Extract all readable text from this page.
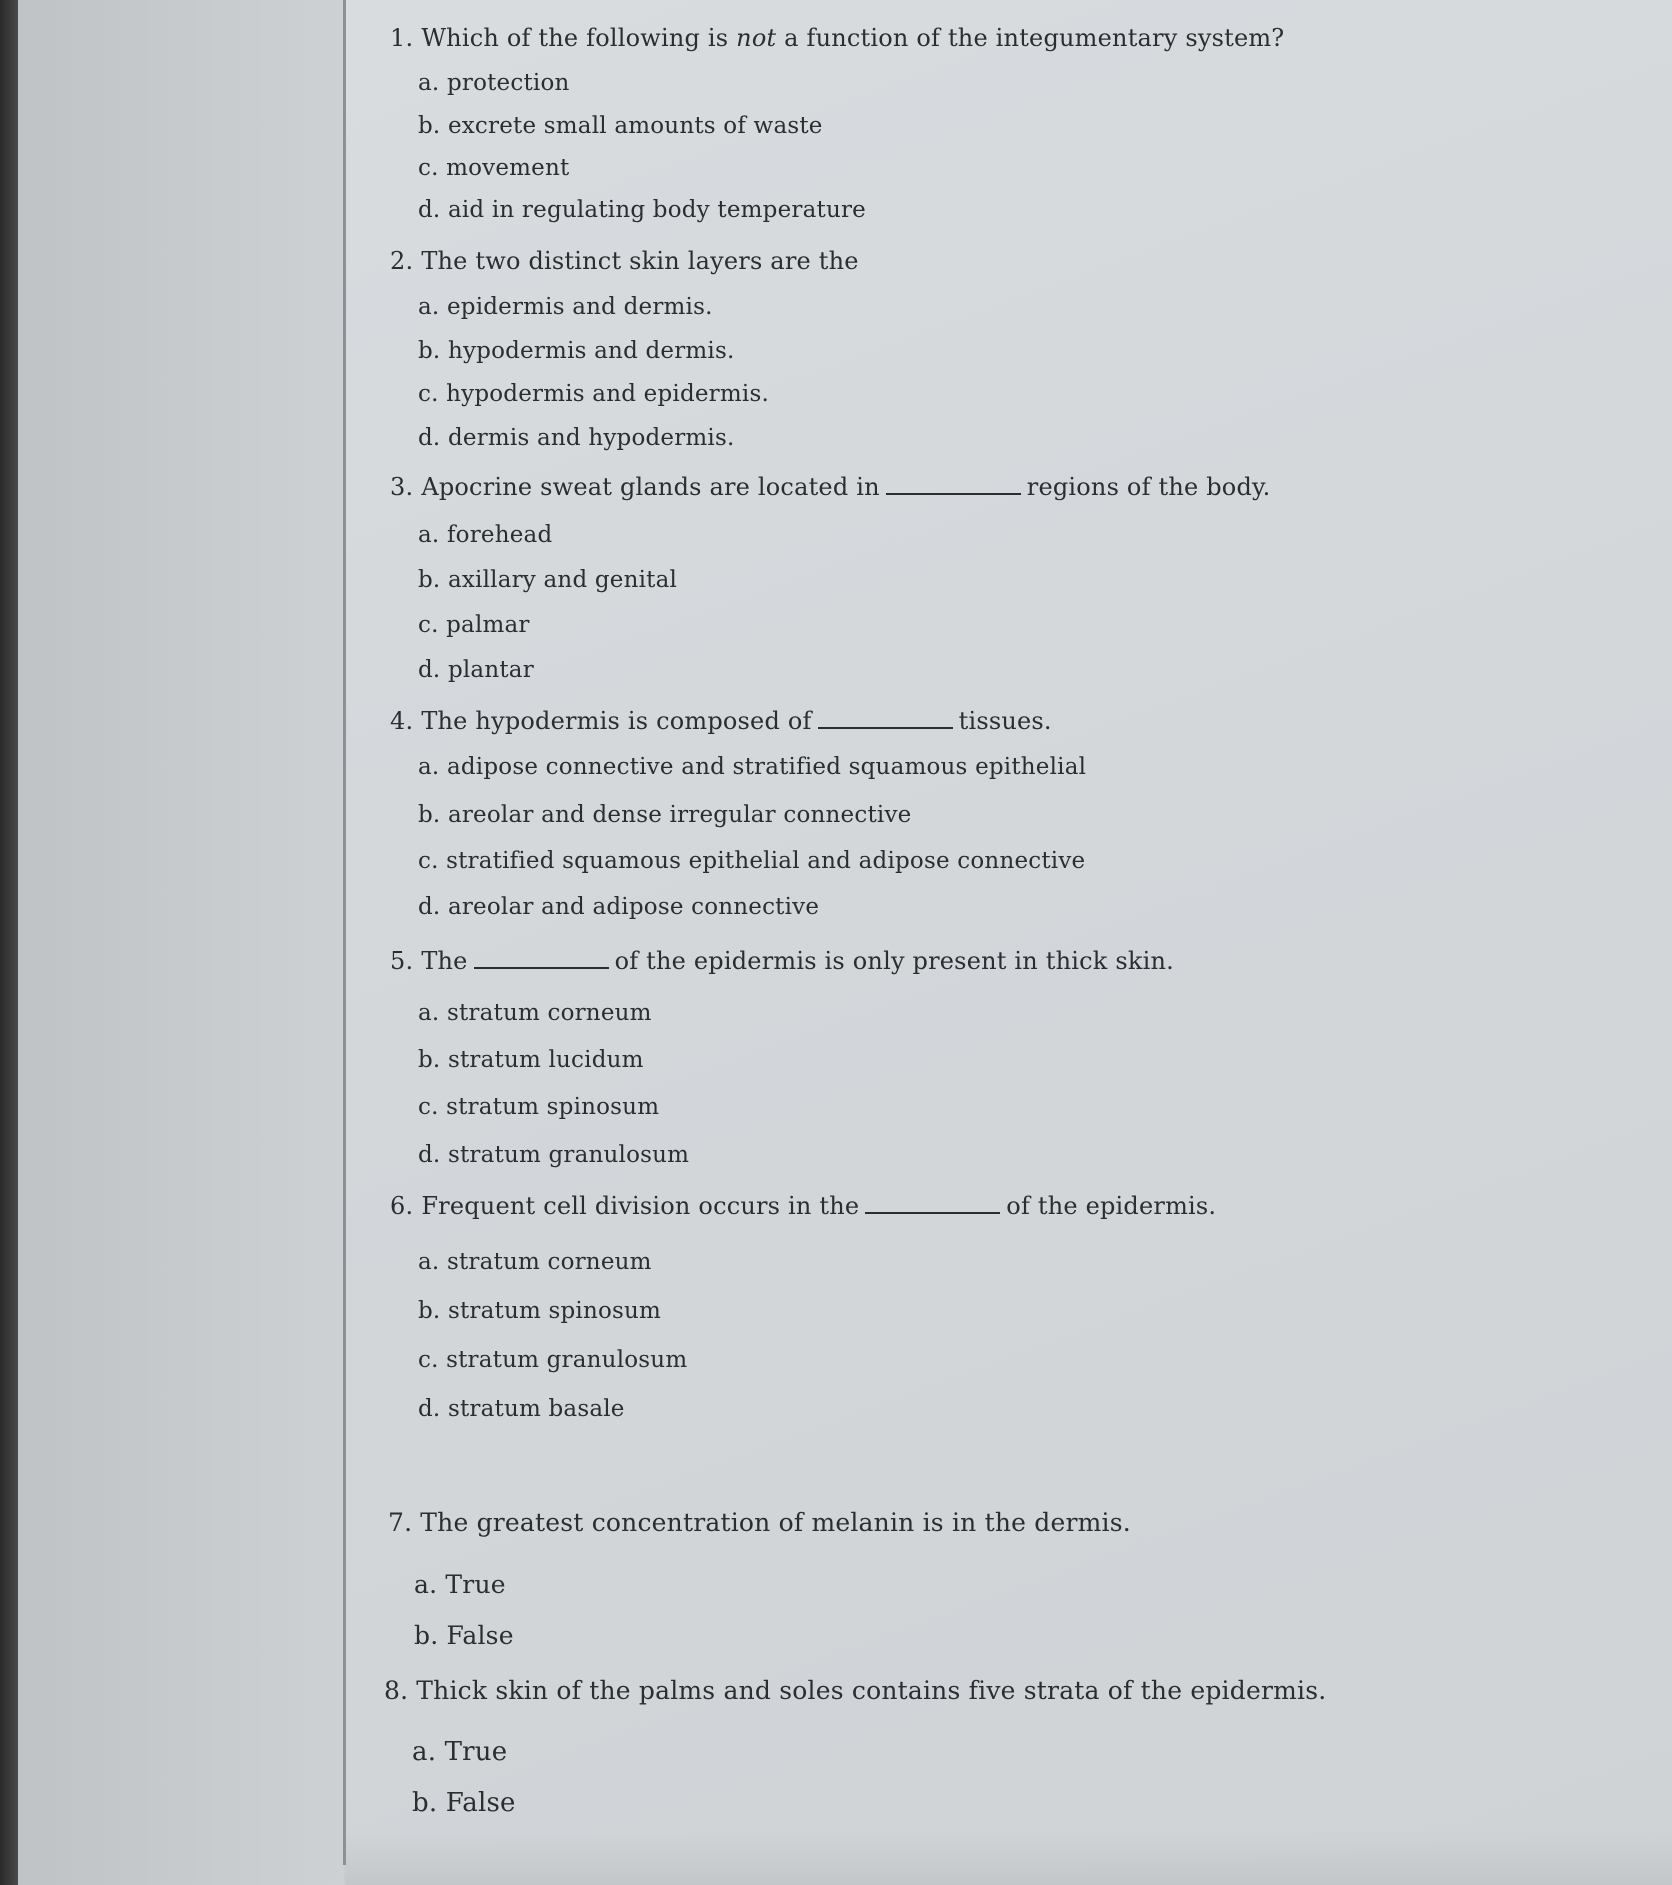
1. Which of the following is not a function of the integumentary system?
a. protection
b. excrete small amounts of waste
c. movement
d. aid in regulating body temperature
2. The two distinct skin layers are the
a. epidermis and dermis.
b. hypodermis and dermis.
c. hypodermis and epidermis.
d. dermis and hypodermis.
3. Apocrine sweat glands are located in	regions of the body.
a. forehead
b. axillary and genital
c. palmar
d. plantar
4. The hypodermis is composed of	tissues.
a. adipose connective and stratified squamous epithelial
b. areolar and dense irregular connective
c. stratified squamous epithelial and adipose connective
d. areolar and adipose connective
5. The	of the epidermis is only present in thick skin.
a. stratum corneum
b. stratum lucidum
c. stratum spinosum
d. stratum granulosum
6. Frequent cell division occurs in the	of the epidermis.
a. stratum corneum
b. stratum spinosum
c. stratum granulosum
d. stratum basale
7. The greatest concentration of melanin is in the dermis.
a. True
b. False
8. Thick skin of the palms and soles contains five strata of the epidermis.
a. True
b. False
